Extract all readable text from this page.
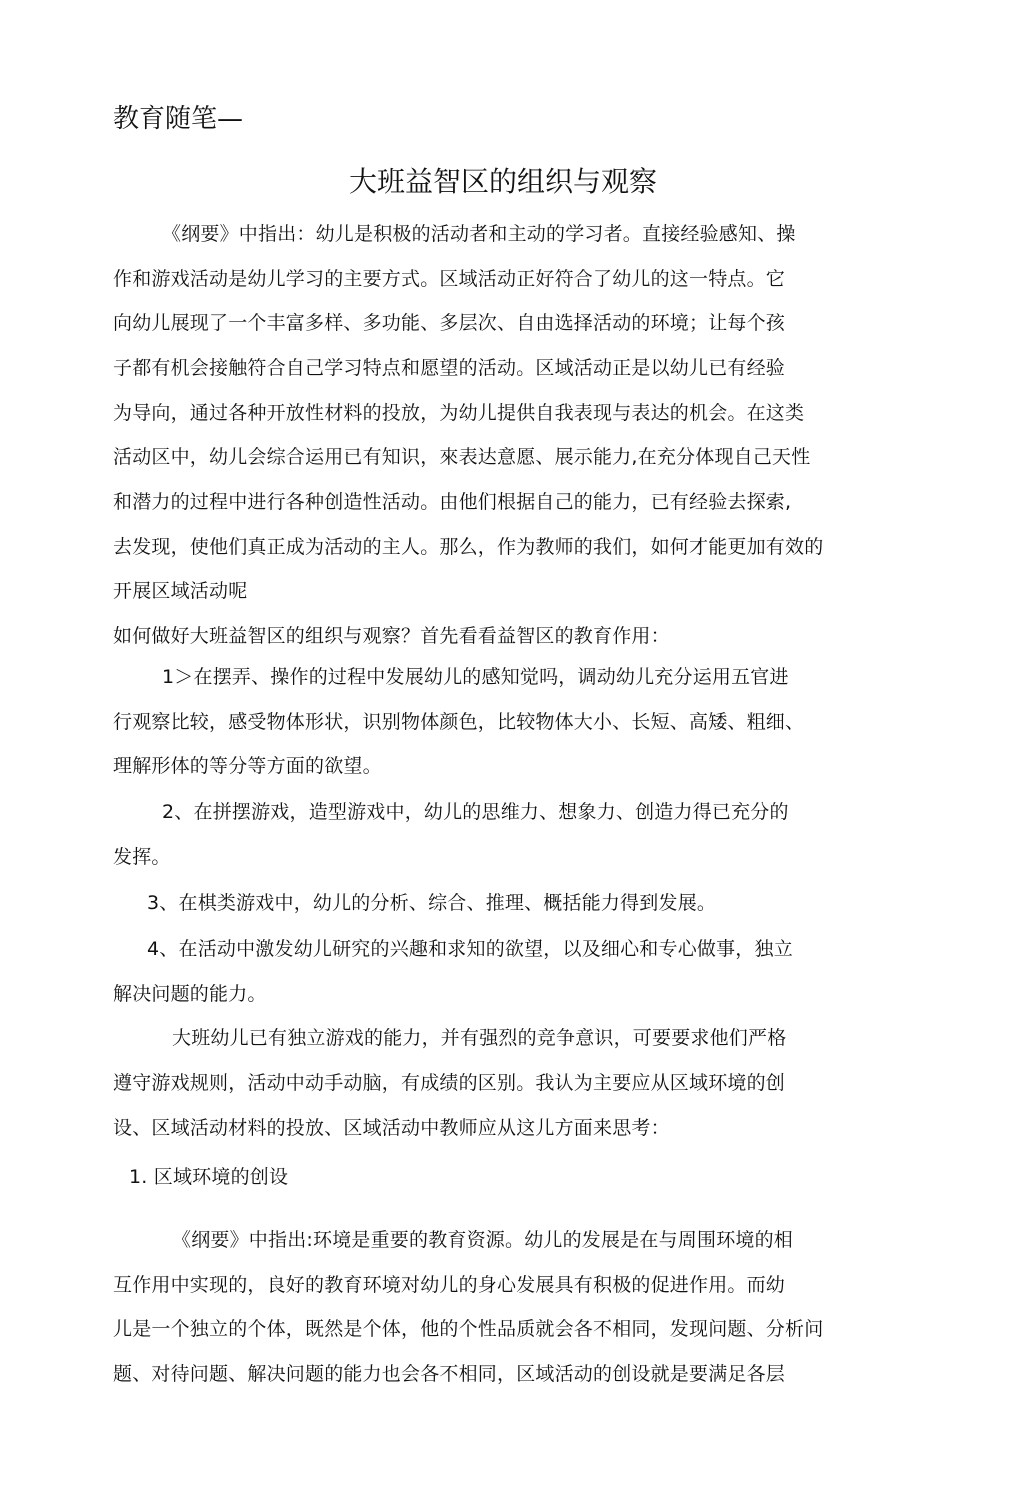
教育随笔—
大班益智区的组织与观察
《纲要》中指出：幼儿是积极的活动者和主动的学习者。直接经验感知、操
作和游戏活动是幼儿学习的主要方式。区域活动正好符合了幼儿的这一特点。它
向幼儿展现了一个丰富多样、多功能、多层次、自由选择活动的环境；让每个孩
子都有机会接触符合自己学习特点和愿望的活动。区域活动正是以幼儿已有经验
为导向，通过各种开放性材料的投放，为幼儿提供自我表现与表达的机会。在这类
活动区中，幼儿会综合运用已有知识，來表达意愿、展示能力,在充分体现自己天性
和潜力的过程中进行各种创造性活动。由他们根据自己的能力，已有经验去探索,
去发现，使他们真正成为活动的主人。那么，作为教师的我们，如何才能更加有效的
开展区域活动呢
如何做好大班益智区的组织与观察？首先看看益智区的教育作用：
1＞在摆弄、操作的过程中发展幼儿的感知觉吗，调动幼儿充分运用五官进
行观察比较，感受物体形状，识别物体颜色，比较物体大小、长短、高矮、粗细、
理解形体的等分等方面的欲望。
2、在拼摆游戏，造型游戏中，幼儿的思维力、想象力、创造力得已充分的
发挥。
3、在棋类游戏中，幼儿的分析、综合、推理、概括能力得到发展。
4、在活动中激发幼儿研究的兴趣和求知的欲望，以及细心和专心做事，独立
解决问题的能力。
大班幼儿已有独立游戏的能力，并有强烈的竞争意识，可要要求他们严格
遵守游戏规则，活动中动手动脑，有成绩的区别。我认为主要应从区域环境的创
设、区域活动材料的投放、区域活动中教师应从这儿方面来思考：
1. 区域环境的创设
《纲要》中指出:环境是重要的教育资源。幼儿的发展是在与周围环境的相
互作用中实现的，良好的教育环境对幼儿的身心发展具有积极的促进作用。而幼
儿是一个独立的个体，既然是个体，他的个性品质就会各不相同，发现问题、分析问
题、对待问题、解决问题的能力也会各不相同，区域活动的创设就是要满足各层
